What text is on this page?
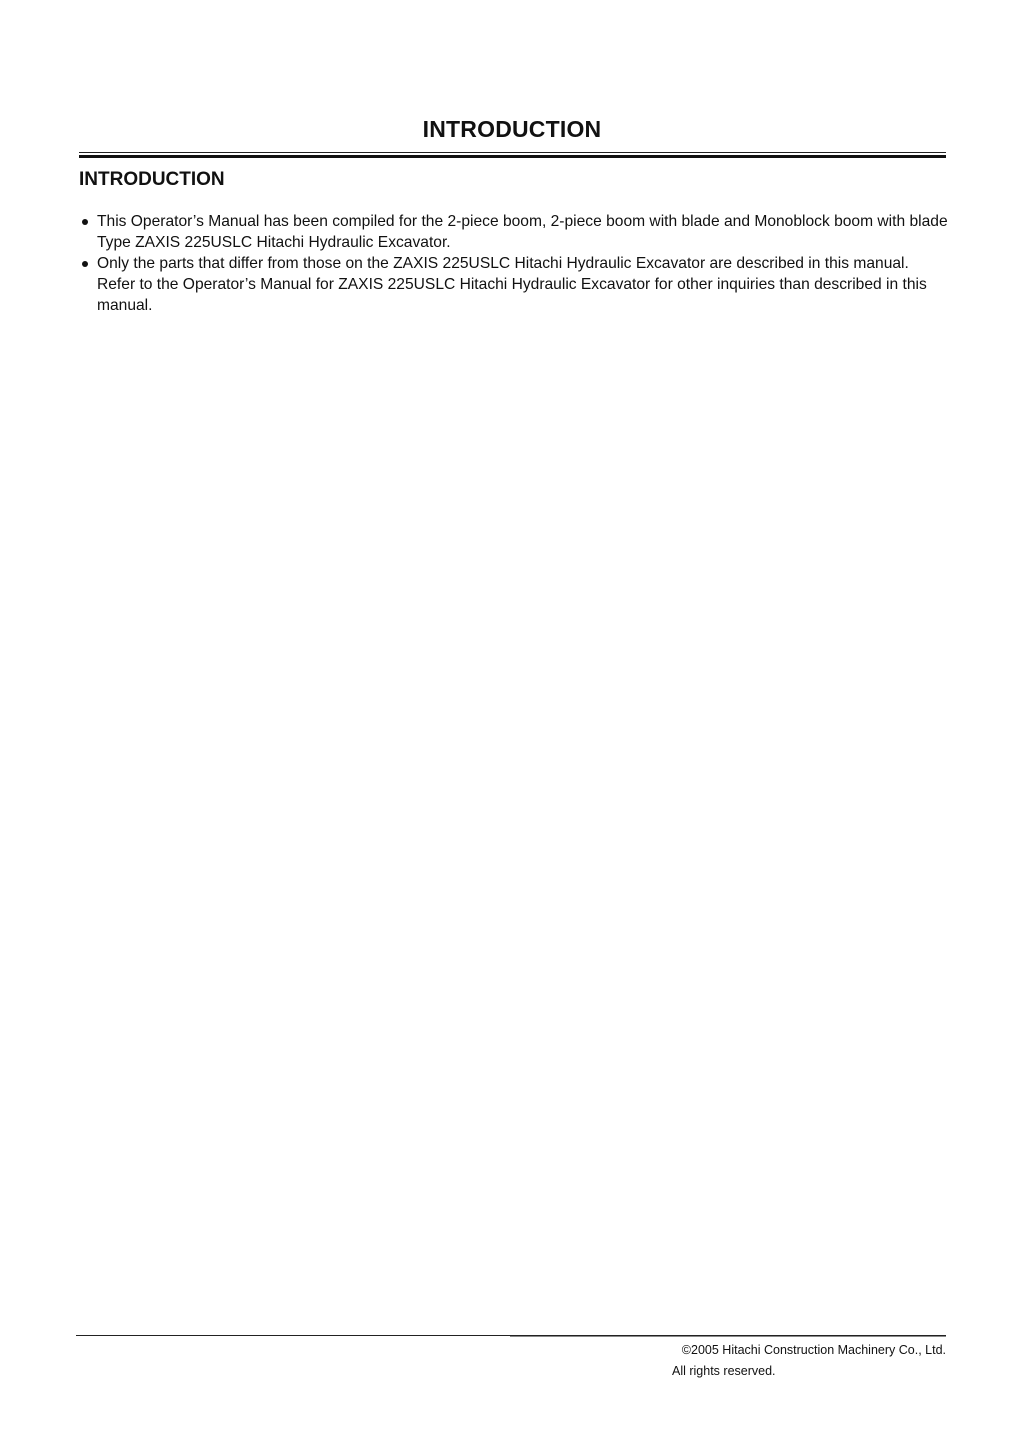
INTRODUCTION
INTRODUCTION
This Operator’s Manual has been compiled for the 2-piece boom, 2-piece boom with blade and Monoblock boom with blade Type ZAXIS 225USLC Hitachi Hydraulic Excavator.
Only the parts that differ from those on the ZAXIS 225USLC Hitachi Hydraulic Excavator are described in this manual. Refer to the Operator’s Manual for ZAXIS 225USLC Hitachi Hydraulic Excavator for other inquiries than described in this manual.

©2005 Hitachi Construction Machinery Co., Ltd.

All rights reserved.
